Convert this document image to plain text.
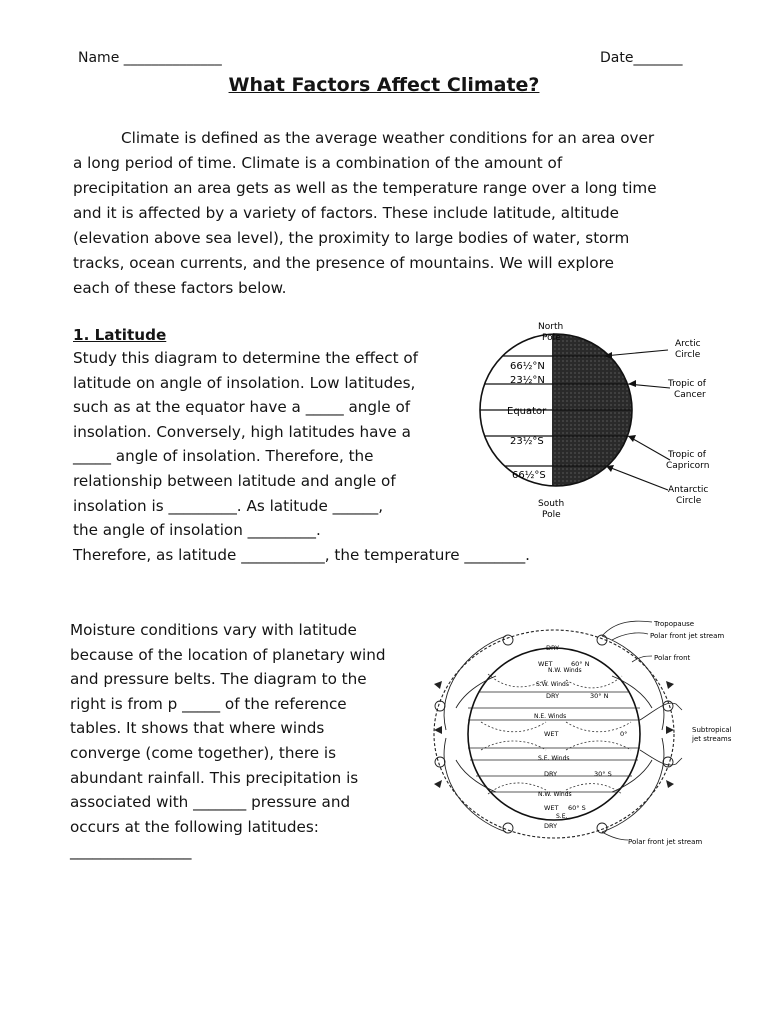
Name ______________	Date_______
What Factors Affect Climate?
Climate is defined as the average weather conditions for an area over
a long period of time. Climate is a combination of the amount of
precipitation an area gets as well as the temperature range over a long time
and it is affected by a variety of factors. These include latitude, altitude
(elevation above sea level), the proximity to large bodies of water, storm
tracks, ocean currents, and the presence of mountains. We will explore
each of these factors below.
1. Latitude
Study this diagram to determine the effect of
latitude on angle of insolation. Low latitudes,
such as at the equator have a _____ angle of
insolation. Conversely, high latitudes have a
_____ angle of insolation. Therefore, the
relationship between latitude and angle of
insolation is _________. As latitude ______,
the angle of insolation _________.
Therefore, as latitude ___________, the temperature ________.
66½°N
23½°N
Equator
23½°S
66½°S
North
Pole
South
Pole
Arctic
Circle
Tropic of
Cancer
Tropic of
Capricorn
Antarctic
Circle
Moisture conditions vary with latitude
because of the location of planetary wind
and pressure belts. The diagram to the
right is from p _____ of the reference
tables. It shows that where winds
converge (come together), there is
abundant rainfall. This precipitation is
associated with _______ pressure and
occurs at the following latitudes:
________________
DRY
WET	60° N
N.W. Winds
S.W. Winds
DRY	30° N
N.E. Winds
WET	0°
S.E. Winds
DRY	30° S
N.W. Winds
WET 60° S
S.E.
DRY
Tropopause
Polar front jet stream
Polar front
Subtropical
jet streams
Polar front jet stream
